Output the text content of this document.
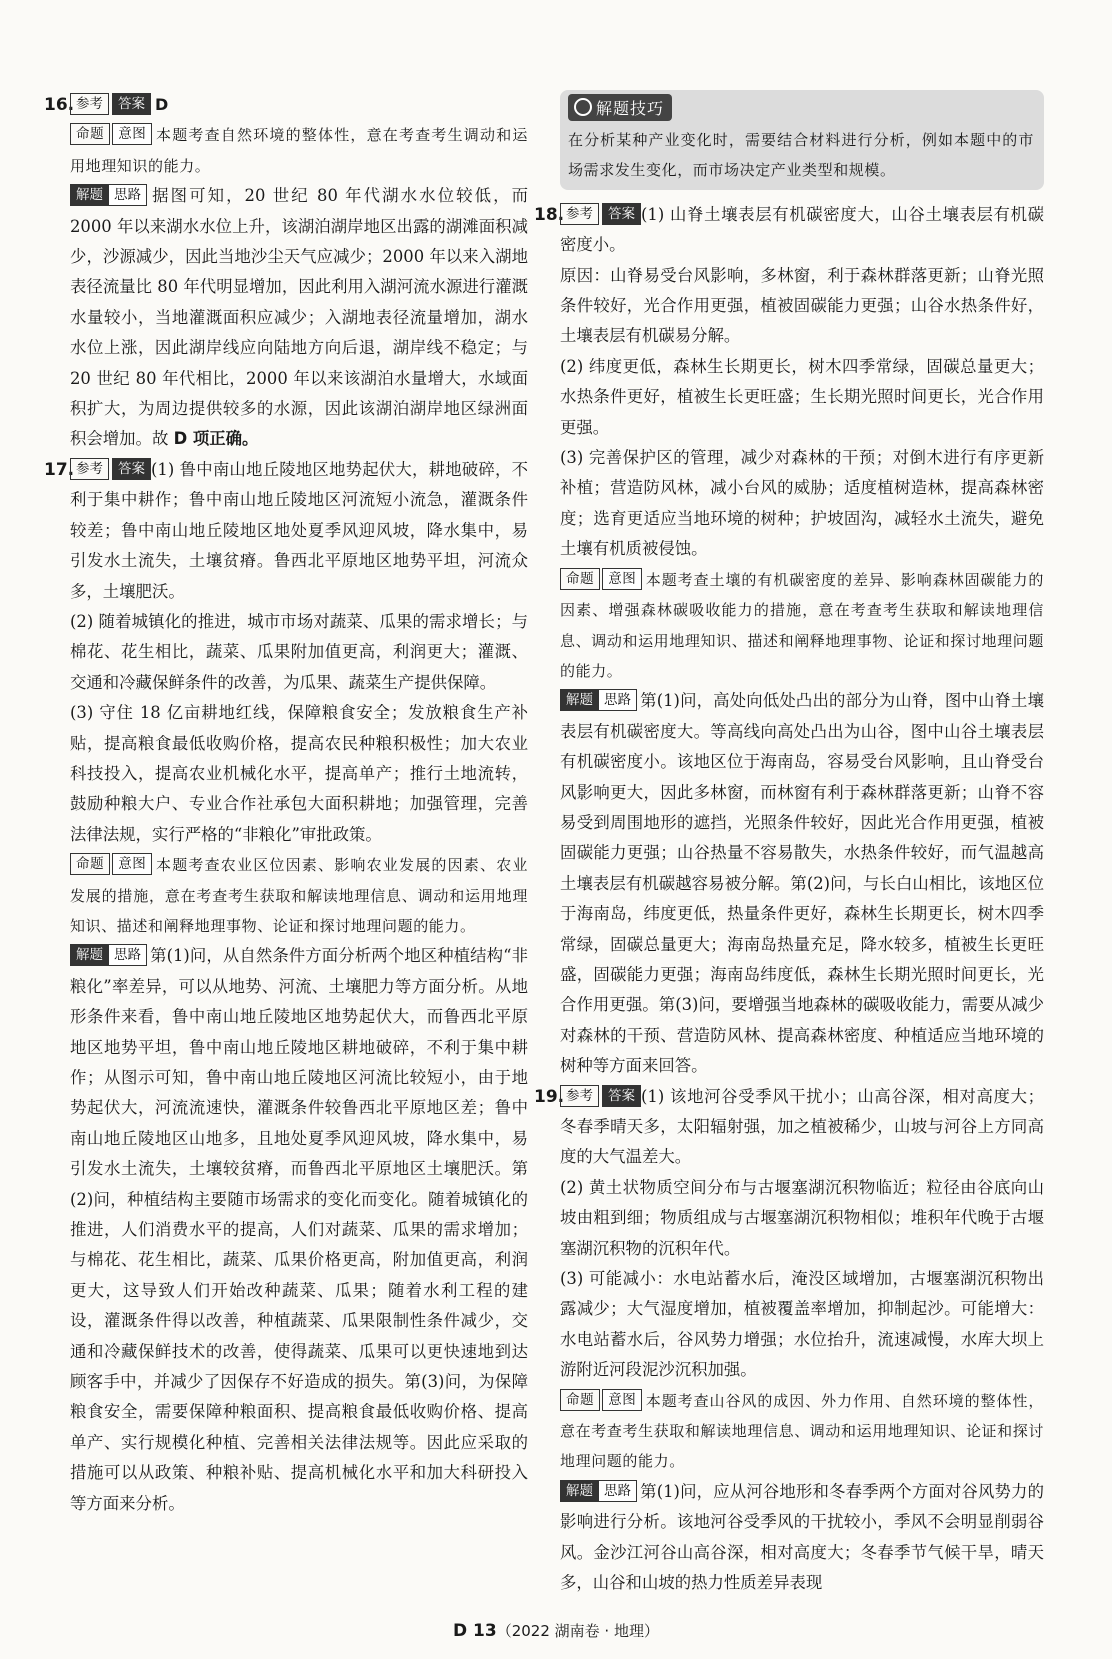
16. 参考 答案 D

命题 意图 本题考查自然环境的整体性，意在考查考生调动和运用地理知识的能力。

解题 思路 据图可知，20 世纪 80 年代湖水水位较低，而 2000 年以来湖水水位上升，该湖泊湖岸地区出露的湖滩面积减少，沙源减少，因此当地沙尘天气应减少；2000 年以来入湖地表径流量比 80 年代明显增加，因此利用入湖河流水源进行灌溉水量较小，当地灌溉面积应减少；入湖地表径流量增加，湖水水位上涨，因此湖岸线应向陆地方向后退，湖岸线不稳定；与 20 世纪 80 年代相比，2000 年以来该湖泊水量增大，水域面积扩大，为周边提供较多的水源，因此该湖泊湖岸地区绿洲面积会增加。故 D 项正确。

17. 参考 答案 (1) 鲁中南山地丘陵地区地势起伏大，耕地破碎，不利于集中耕作；鲁中南山地丘陵地区河流短小流急，灌溉条件较差；鲁中南山地丘陵地区地处夏季风迎风坡，降水集中，易引发水土流失，土壤贫瘠。鲁西北平原地区地势平坦，河流众多，土壤肥沃。

(2) 随着城镇化的推进，城市市场对蔬菜、瓜果的需求增长；与棉花、花生相比，蔬菜、瓜果附加值更高，利润更大；灌溉、交通和冷藏保鲜条件的改善，为瓜果、蔬菜生产提供保障。

(3) 守住 18 亿亩耕地红线，保障粮食安全；发放粮食生产补贴，提高粮食最低收购价格，提高农民种粮积极性；加大农业科技投入，提高农业机械化水平，提高单产；推行土地流转，鼓励种粮大户、专业合作社承包大面积耕地；加强管理，完善法律法规，实行严格的“非粮化”审批政策。

命题 意图 本题考查农业区位因素、影响农业发展的因素、农业发展的措施，意在考查考生获取和解读地理信息、调动和运用地理知识、描述和阐释地理事物、论证和探讨地理问题的能力。

解题 思路 第(1)问，从自然条件方面分析两个地区种植结构“非粮化”率差异，可以从地势、河流、土壤肥力等方面分析。从地形条件来看，鲁中南山地丘陵地区地势起伏大，而鲁西北平原地区地势平坦，鲁中南山地丘陵地区耕地破碎，不利于集中耕作；从图示可知，鲁中南山地丘陵地区河流比较短小，由于地势起伏大，河流流速快，灌溉条件较鲁西北平原地区差；鲁中南山地丘陵地区山地多，且地处夏季风迎风坡，降水集中，易引发水土流失，土壤较贫瘠，而鲁西北平原地区土壤肥沃。第(2)问，种植结构主要随市场需求的变化而变化。随着城镇化的推进，人们消费水平的提高，人们对蔬菜、瓜果的需求增加；与棉花、花生相比，蔬菜、瓜果价格更高，附加值更高，利润更大，这导致人们开始改种蔬菜、瓜果；随着水利工程的建设，灌溉条件得以改善，种植蔬菜、瓜果限制性条件减少，交通和冷藏保鲜技术的改善，使得蔬菜、瓜果可以更快速地到达顾客手中，并减少了因保存不好造成的损失。第(3)问，为保障粮食安全，需要保障种粮面积、提高粮食最低收购价格、提高单产、实行规模化种植、完善相关法律法规等。因此应采取的措施可以从政策、种粮补贴、提高机械化水平和加大科研投入等方面来分析。

解题技巧

在分析某种产业变化时，需要结合材料进行分析，例如本题中的市场需求发生变化，而市场决定产业类型和规模。

18. 参考 答案 (1) 山脊土壤表层有机碳密度大，山谷土壤表层有机碳密度小。

原因：山脊易受台风影响，多林窗，利于森林群落更新；山脊光照条件较好，光合作用更强，植被固碳能力更强；山谷水热条件好，土壤表层有机碳易分解。

(2) 纬度更低，森林生长期更长，树木四季常绿，固碳总量更大；水热条件更好，植被生长更旺盛；生长期光照时间更长，光合作用更强。

(3) 完善保护区的管理，减少对森林的干预；对倒木进行有序更新补植；营造防风林，减小台风的威胁；适度植树造林，提高森林密度；选育更适应当地环境的树种；护坡固沟，减轻水土流失，避免土壤有机质被侵蚀。

命题 意图 本题考查土壤的有机碳密度的差异、影响森林固碳能力的因素、增强森林碳吸收能力的措施，意在考查考生获取和解读地理信息、调动和运用地理知识、描述和阐释地理事物、论证和探讨地理问题的能力。

解题 思路 第(1)问，高处向低处凸出的部分为山脊，图中山脊土壤表层有机碳密度大。等高线向高处凸出为山谷，图中山谷土壤表层有机碳密度小。该地区位于海南岛，容易受台风影响，且山脊受台风影响更大，因此多林窗，而林窗有利于森林群落更新；山脊不容易受到周围地形的遮挡，光照条件较好，因此光合作用更强，植被固碳能力更强；山谷热量不容易散失，水热条件较好，而气温越高土壤表层有机碳越容易被分解。第(2)问，与长白山相比，该地区位于海南岛，纬度更低，热量条件更好，森林生长期更长，树木四季常绿，固碳总量更大；海南岛热量充足，降水较多，植被生长更旺盛，固碳能力更强；海南岛纬度低，森林生长期光照时间更长，光合作用更强。第(3)问，要增强当地森林的碳吸收能力，需要从减少对森林的干预、营造防风林、提高森林密度、种植适应当地环境的树种等方面来回答。

19. 参考 答案 (1) 该地河谷受季风干扰小；山高谷深，相对高度大；冬春季晴天多，太阳辐射强，加之植被稀少，山坡与河谷上方同高度的大气温差大。

(2) 黄土状物质空间分布与古堰塞湖沉积物临近；粒径由谷底向山坡由粗到细；物质组成与古堰塞湖沉积物相似；堆积年代晚于古堰塞湖沉积物的沉积年代。

(3) 可能减小：水电站蓄水后，淹没区域增加，古堰塞湖沉积物出露减少；大气湿度增加，植被覆盖率增加，抑制起沙。可能增大：水电站蓄水后，谷风势力增强；水位抬升，流速减慢，水库大坝上游附近河段泥沙沉积加强。

命题 意图 本题考查山谷风的成因、外力作用、自然环境的整体性，意在考查考生获取和解读地理信息、调动和运用地理知识、论证和探讨地理问题的能力。

解题 思路 第(1)问，应从河谷地形和冬春季两个方面对谷风势力的影响进行分析。该地河谷受季风的干扰较小，季风不会明显削弱谷风。金沙江河谷山高谷深，相对高度大；冬春季节气候干旱，晴天多，山谷和山坡的热力性质差异表现

D 13（2022 湖南卷 · 地理）
